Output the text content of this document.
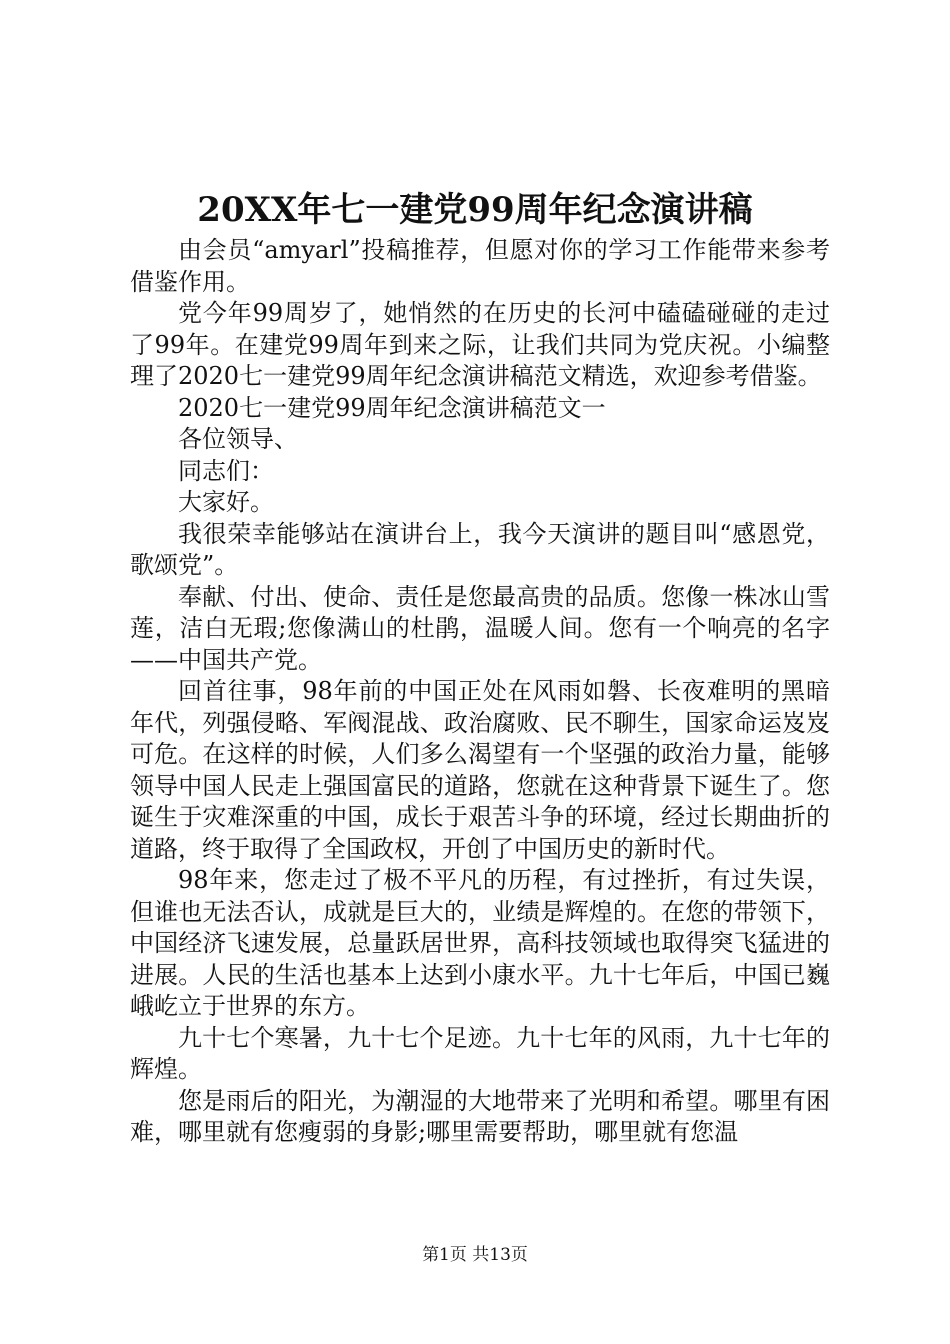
20XX年七一建党99周年纪念演讲稿

由会员“amyarl”投稿推荐，但愿对你的学习工作能带来参考借鉴作用。

党今年99周岁了，她悄然的在历史的长河中磕磕碰碰的走过了99年。在建党99周年到来之际，让我们共同为党庆祝。小编整理了2020七一建党99周年纪念演讲稿范文精选，欢迎参考借鉴。

2020七一建党99周年纪念演讲稿范文一

各位领导、

同志们：

大家好。

我很荣幸能够站在演讲台上，我今天演讲的题目叫“感恩党，歌颂党”。

奉献、付出、使命、责任是您最高贵的品质。您像一株冰山雪莲，洁白无瑕;您像满山的杜鹃，温暖人间。您有一个响亮的名字——中国共产党。

回首往事，98年前的中国正处在风雨如磐、长夜难明的黑暗年代，列强侵略、军阀混战、政治腐败、民不聊生，国家命运岌岌可危。在这样的时候，人们多么渴望有一个坚强的政治力量，能够领导中国人民走上强国富民的道路，您就在这种背景下诞生了。您诞生于灾难深重的中国，成长于艰苦斗争的环境，经过长期曲折的道路，终于取得了全国政权，开创了中国历史的新时代。

98年来，您走过了极不平凡的历程，有过挫折，有过失误，但谁也无法否认，成就是巨大的，业绩是辉煌的。在您的带领下，中国经济飞速发展，总量跃居世界，高科技领域也取得突飞猛进的进展。人民的生活也基本上达到小康水平。九十七年后，中国已巍峨屹立于世界的东方。

九十七个寒暑，九十七个足迹。九十七年的风雨，九十七年的辉煌。

您是雨后的阳光，为潮湿的大地带来了光明和希望。哪里有困难，哪里就有您瘦弱的身影;哪里需要帮助，哪里就有您温

第1页 共13页
